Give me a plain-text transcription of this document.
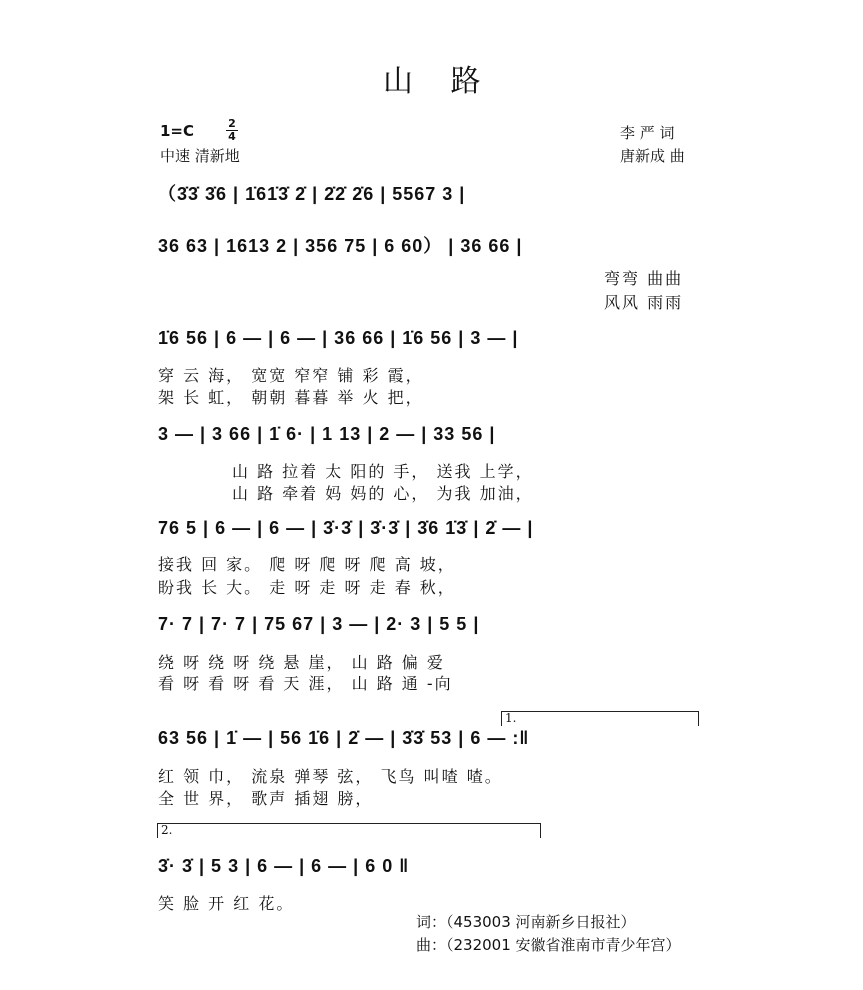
山 路
1=C	2
4
中速 清新地
李 严 词
唐新成 曲
（3̇3̇ 3̇6 | 1̇61̇3̇ 2̇ | 2̇2̇ 2̇6 | 5567 3 |
36 63 | 1613 2 | 356 75 | 6 60） | 36 66 |
弯弯 曲曲
风风 雨雨
1̇6 56 | 6 — | 6 — | 36 66 | 1̇6 56 | 3 — |
穿 云 海， 宽宽 窄窄 铺 彩 霞，
架 长 虹， 朝朝 暮暮 举 火 把，
3 — | 3 66 | 1̇ 6· | 1 13 | 2 — | 33 56 |
山 路 拉着 太 阳的 手， 送我 上学，
山 路 牵着 妈 妈的 心， 为我 加油，
76 5 | 6 — | 6 — | 3̇·3̇ | 3̇·3̇ | 3̇6 1̇3̇ | 2̇ — |
接我 回 家。 爬 呀 爬 呀 爬 高 坡，
盼我 长 大。 走 呀 走 呀 走 春 秋，
7· 7 | 7· 7 | 75 67 | 3 — | 2· 3 | 5 5 |
绕 呀 绕 呀 绕 悬 崖， 山 路 偏 爱
看 呀 看 呀 看 天 涯， 山 路 通 -向
1.
63 56 | 1̇ — | 56 1̇6 | 2̇ — | 3̇3̇ 53 | 6 — :‖
红 领 巾， 流泉 弹琴 弦， 飞鸟 叫喳 喳。
全 世 界， 歌声 插翅 膀，
2.
3̇· 3̇ | 5 3 | 6 — | 6 — | 6 0 ‖
笑 脸 开 红 花。
词：（453003 河南新乡日报社）
曲：（232001 安徽省淮南市青少年宫）
